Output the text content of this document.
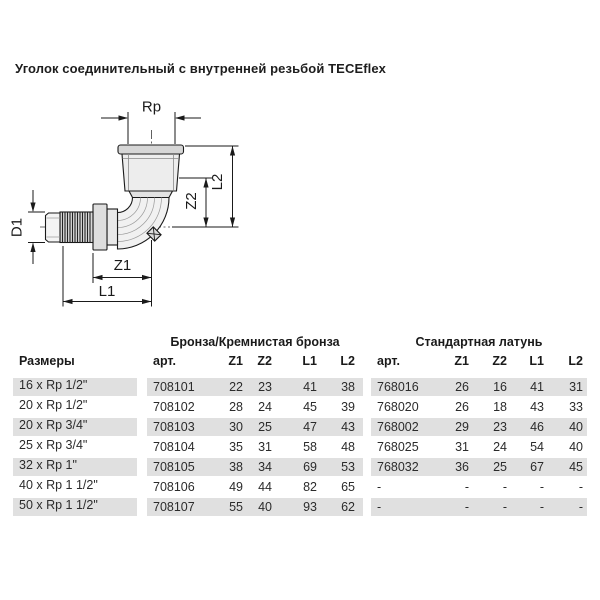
Уголок соединительный с внутренней резьбой TECEflex
Rp
D1
Z2
L2
Z1
L1
Бронза/Кремнистая бронза	Стандартная латунь
Размеры	арт.	Z1	Z2	L1	L2	арт.	Z1	Z2	L1	L2
16 x Rp 1/2"	708101	22	23	41	38	768016	26	16	41	31
20 x Rp 1/2"	708102	28	24	45	39	768020	26	18	43	33
20 x Rp 3/4"	708103	30	25	47	43	768002	29	23	46	40
25 x Rp 3/4"	708104	35	31	58	48	768025	31	24	54	40
32 x Rp 1"	708105	38	34	69	53	768032	36	25	67	45
40 x Rp 1 1/2"	708106	49	44	82	65	-	-	-	-	-
50 x Rp 1 1/2"	708107	55	40	93	62	-	-	-	-	-
